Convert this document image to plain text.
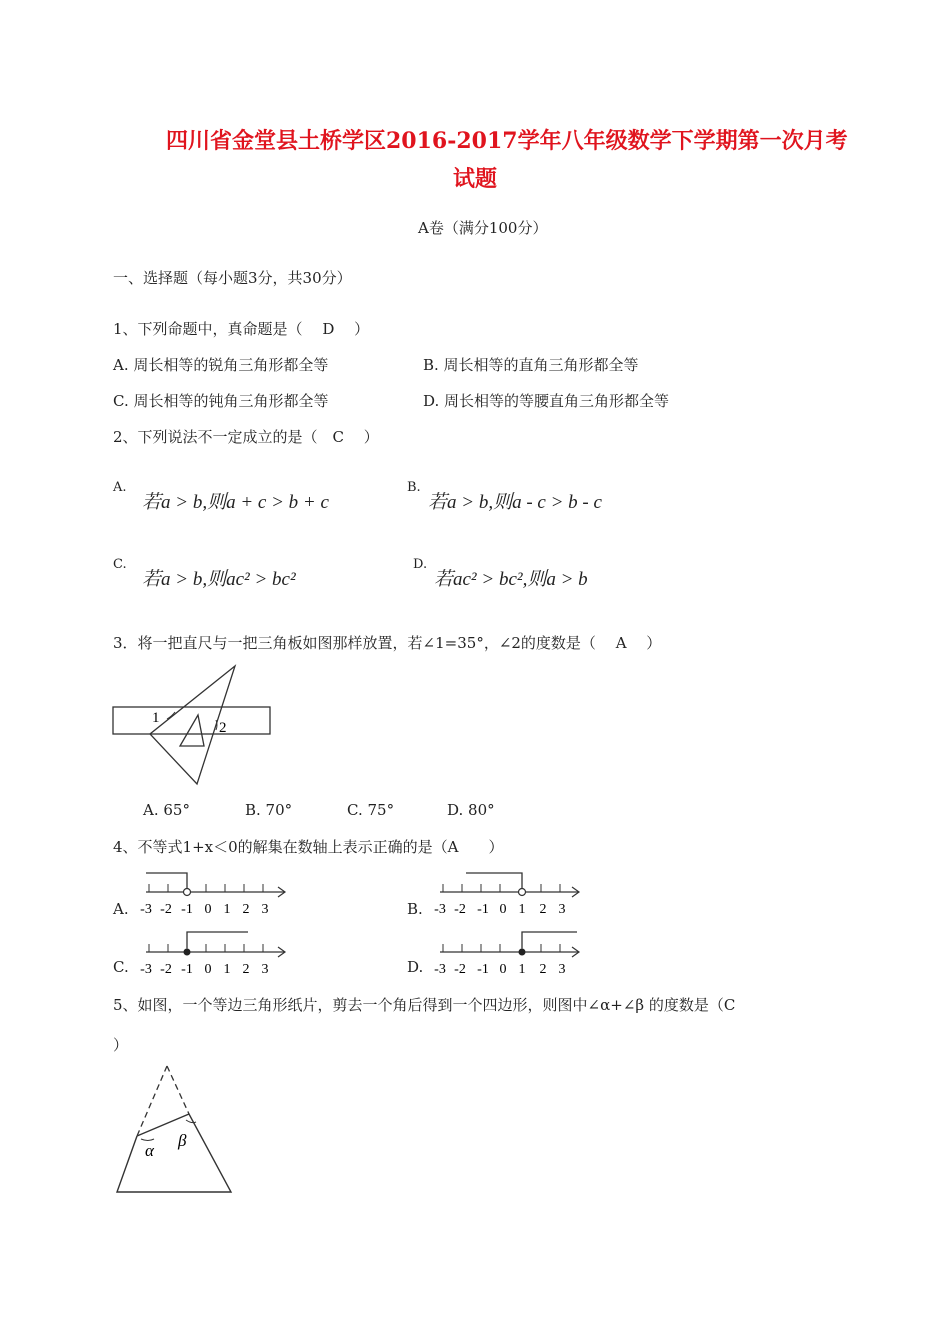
四川省金堂县土桥学区2016-2017学年八年级数学下学期第一次月考
试题
A卷（满分100分）
一、选择题（每小题3分，共30分）
1、下列命题中，真命题是（　 D　 ）
A. 周长相等的锐角三角形都全等	B. 周长相等的直角三角形都全等
C. 周长相等的钝角三角形都全等	D. 周长相等的等腰直角三角形都全等
2、下列说法不一定成立的是（　C　 ）
A.
若a > b,则a + c > b + c
B.
若a > b,则a - c > b - c
C.
若a > b,则ac² > bc²
D.
若ac² > bc²,则a > b
3．将一把直尺与一把三角板如图那样放置，若∠1=35°，∠2的度数是（　 A　 ）
1
2
A. 65°	B. 70°	C. 75°	D. 80°
4、不等式1+x＜0的解集在数轴上表示正确的是（A　　）
A. -3 -2 -1 0 1 2 3	B. -3 -2 -1 0 1 2 3
C. -3 -2 -1 0 1 2 3	D. -3 -2 -1 0 1 2 3
5、如图，一个等边三角形纸片，剪去一个角后得到一个四边形，则图中∠α+∠β 的度数是（C
）
α
β
